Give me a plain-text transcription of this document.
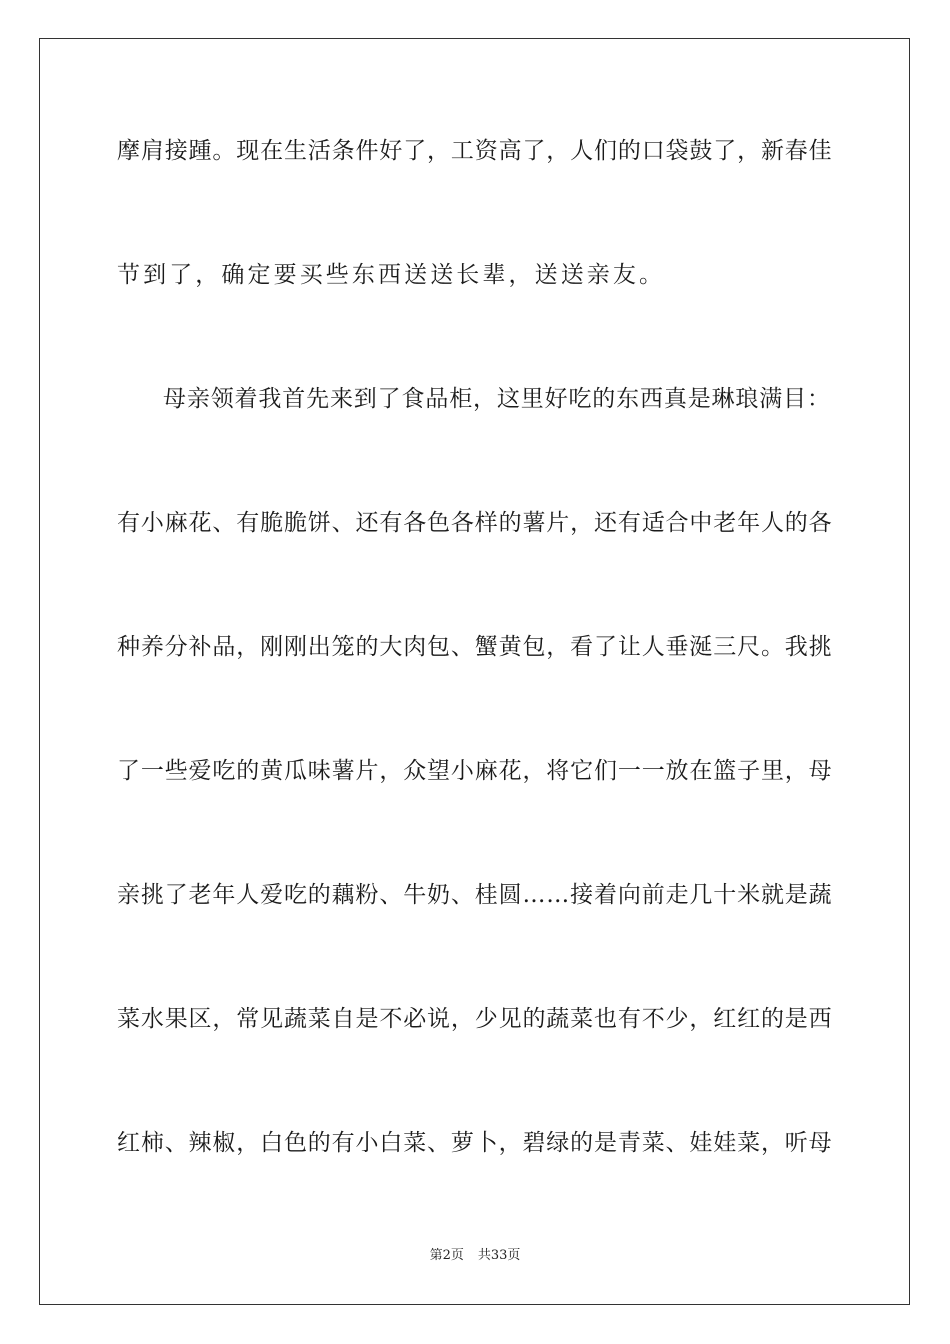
摩肩接踵。现在生活条件好了，工资高了，人们的口袋鼓了，新春佳

节到了，确定要买些东西送送长辈，送送亲友。

母亲领着我首先来到了食品柜，这里好吃的东西真是琳琅满目：

有小麻花、有脆脆饼、还有各色各样的薯片，还有适合中老年人的各

种养分补品，刚刚出笼的大肉包、蟹黄包，看了让人垂涎三尺。我挑

了一些爱吃的黄瓜味薯片，众望小麻花，将它们一一放在篮子里，母

亲挑了老年人爱吃的藕粉、牛奶、桂圆……接着向前走几十米就是蔬

菜水果区，常见蔬菜自是不必说，少见的蔬菜也有不少，红红的是西

红柿、辣椒，白色的有小白菜、萝卜，碧绿的是青菜、娃娃菜，听母

第2页 共33页
